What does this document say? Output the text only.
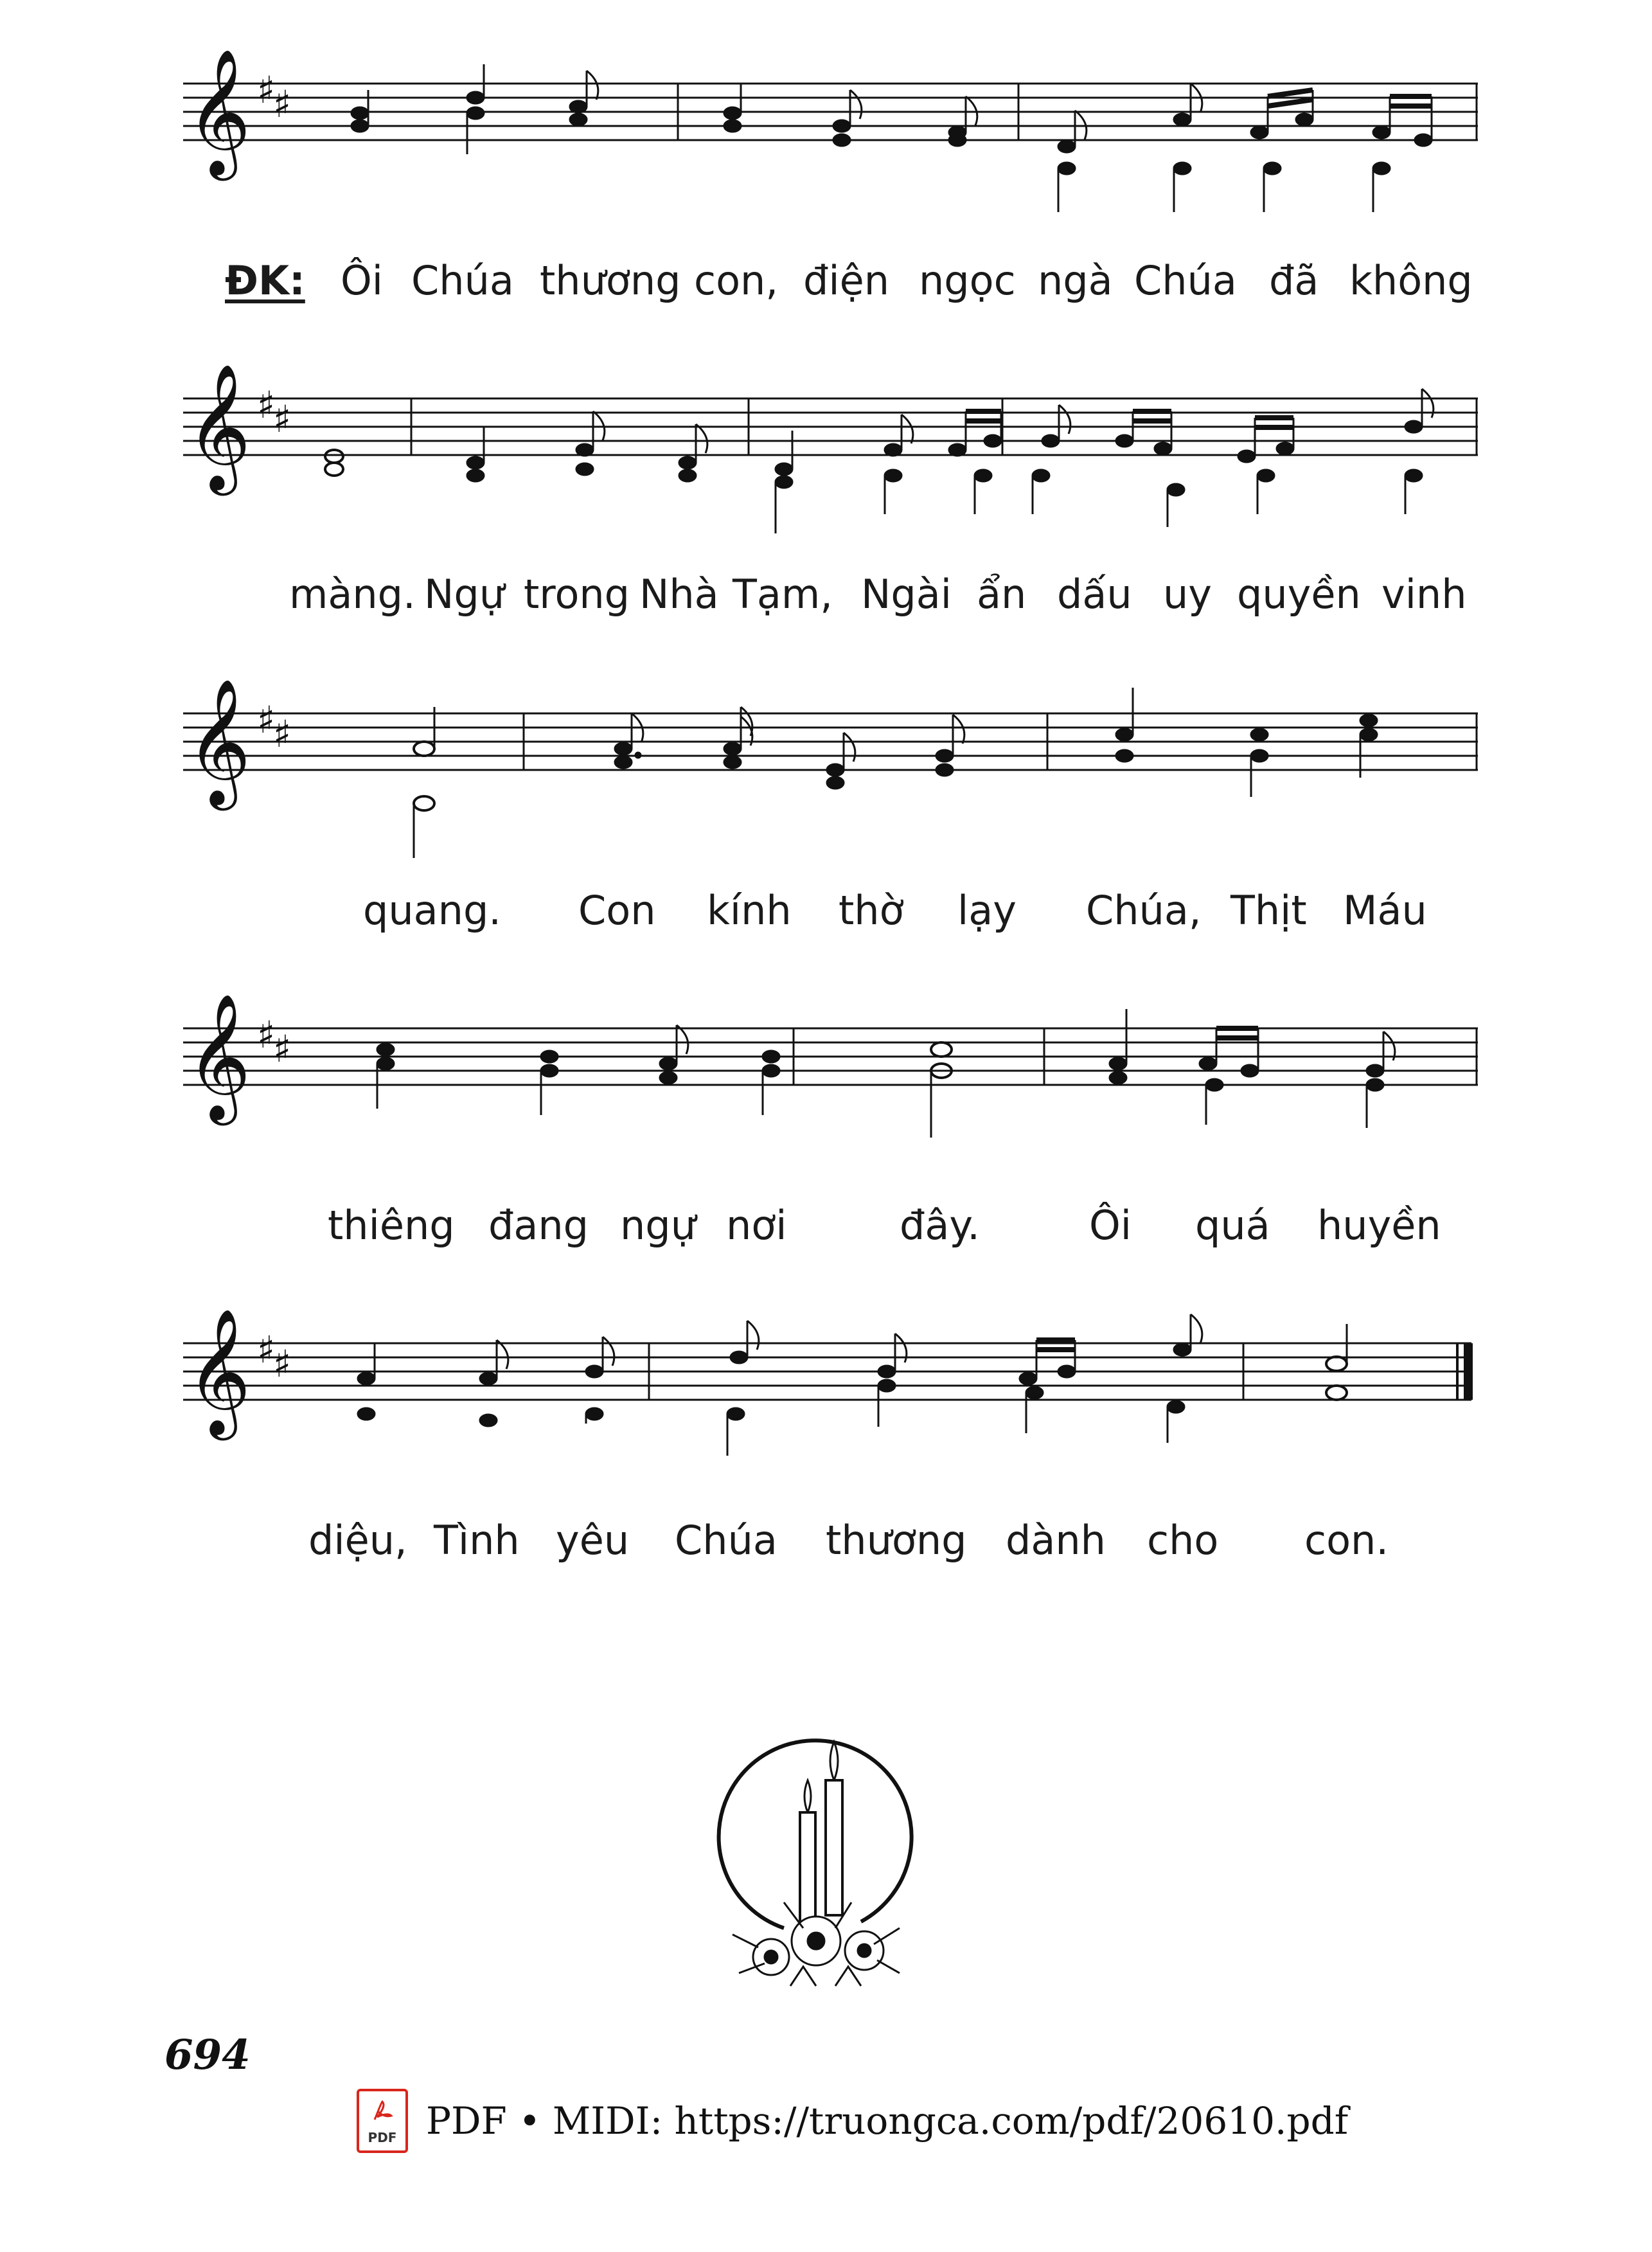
𝄞 ♯
♯
ĐK: Ôi Chúa thương con, điện ngọc ngà Chúa đã không
𝄞 ♯
♯
màng. Ngự trong Nhà Tạm, Ngài ẩn dấu uy quyền vinh
𝄞 ♯
♯
quang. Con kính thờ lạy Chúa, Thịt Máu
𝄞 ♯
♯
thiêng đang ngự nơi	đây.	Ôi quá huyền
𝄞 ♯
♯
diệu, Tình yêu Chúa thương dành cho con.
694
PDF PDF • MIDI: https://truongca.com/pdf/20610.pdf
